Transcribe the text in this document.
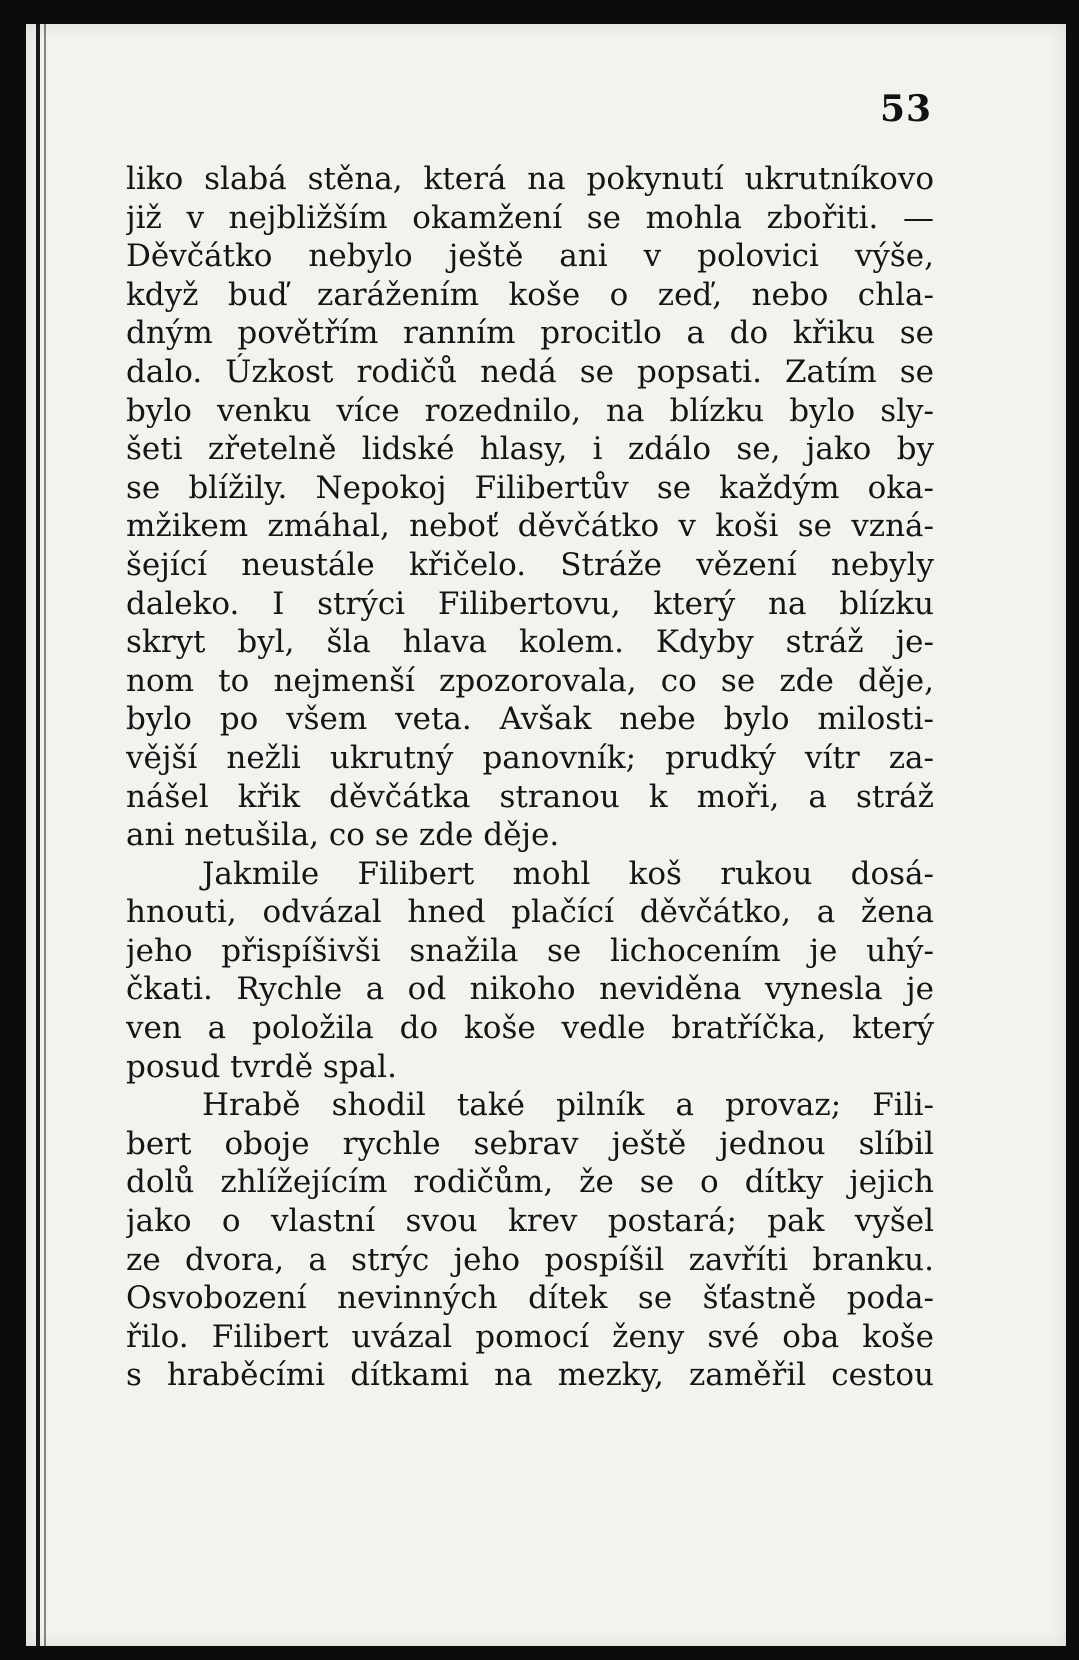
53
liko slabá stěna, která na pokynutí ukrutníkovo
již v nejbližším okamžení se mohla zbořiti. —
Děvčátko nebylo ještě ani v polovici výše,
když buď zarážením koše o zeď, nebo chla-
dným povětřím ranním procitlo a do křiku se
dalo. Úzkost rodičů nedá se popsati. Zatím se
bylo venku více rozednilo, na blízku bylo sly-
šeti zřetelně lidské hlasy, i zdálo se, jako by
se blížily. Nepokoj Filibertův se každým oka-
mžikem zmáhal, neboť děvčátko v koši se vzná-
šející neustále křičelo. Stráže vězení nebyly
daleko. I strýci Filibertovu, který na blízku
skryt byl, šla hlava kolem. Kdyby stráž je-
nom to nejmenší zpozorovala, co se zde děje,
bylo po všem veta. Avšak nebe bylo milosti-
vější nežli ukrutný panovník; prudký vítr za-
nášel křik děvčátka stranou k moři, a stráž
ani netušila, co se zde děje.
Jakmile Filibert mohl koš rukou dosá-
hnouti, odvázal hned plačící děvčátko, a žena
jeho přispíšivši snažila se lichocením je uhý-
čkati. Rychle a od nikoho neviděna vynesla je
ven a položila do koše vedle bratříčka, který
posud tvrdě spal.
Hrabě shodil také pilník a provaz; Fili-
bert oboje rychle sebrav ještě jednou slíbil
dolů zhlížejícím rodičům, že se o dítky jejich
jako o vlastní svou krev postará; pak vyšel
ze dvora, a strýc jeho pospíšil zavříti branku.
Osvobození nevinných dítek se šťastně poda-
řilo. Filibert uvázal pomocí ženy své oba koše
s hraběcími dítkami na mezky, zaměřil cestou
